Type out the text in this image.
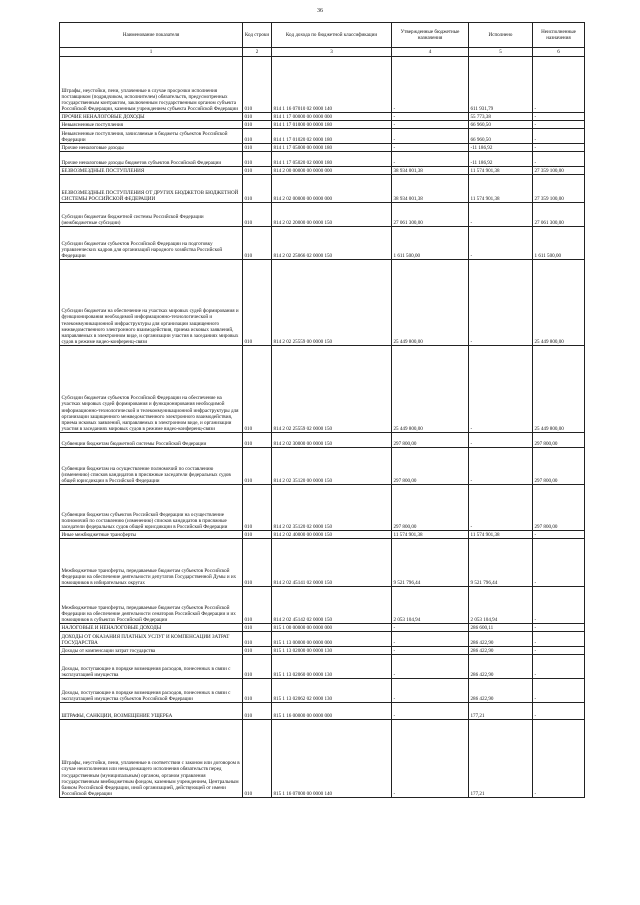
36
Наименование показателя	Код строки	Код дохода по бюджетной классификации	Утвержденные бюджетные назначения	Исполнено	Неисполненные назначения
1	2	3	4	5	6
Штрафы, неустойки, пени, уплаченные в случае просрочки исполнения поставщиком (подрядчиком, исполнителем) обязательств, предусмотренных государственным контрактом, заключенным государственным органом субъекта Российской Федерации, казенным учреждением субъекта Российской Федерации	010	814 1 16 07010 02 0000 140	-	611 931,79	-
ПРОЧИЕ НЕНАЛОГОВЫЕ ДОХОДЫ	010	814 1 17 00000 00 0000 000	-	55 773,38	-
Невыясненные поступления	010	814 1 17 01000 00 0000 180	-	66 960,50	-
Невыясненные поступления, зачисляемые в бюджеты субъектов Российской Федерации	010	814 1 17 01020 02 0000 180	-	66 960,50	-
Прочие неналоговые доходы	010	814 1 17 05000 00 0000 180	-	-11 186,92	-
Прочие неналоговые доходы бюджетов субъектов Российской Федерации	010	814 1 17 05020 02 0000 180	-	-11 186,92	-
БЕЗВОЗМЕЗДНЫЕ ПОСТУПЛЕНИЯ	010	814 2 00 00000 00 0000 000	38 934 001,38	11 574 901,38	27 359 100,00
БЕЗВОЗМЕЗДНЫЕ ПОСТУПЛЕНИЯ ОТ ДРУГИХ БЮДЖЕТОВ БЮДЖЕТНОЙ СИСТЕМЫ РОССИЙСКОЙ ФЕДЕРАЦИИ	010	814 2 02 00000 00 0000 000	38 934 001,38	11 574 901,38	27 359 100,00
Субсидии бюджетам бюджетной системы Российской Федерации (межбюджетные субсидии)	010	814 2 02 20000 00 0000 150	27 061 300,00	-	27 061 300,00
Субсидии бюджетам субъектов Российской Федерации на подготовку управленческих кадров для организаций народного хозяйства Российской Федерации	010	814 2 02 25066 02 0000 150	1 611 500,00	-	1 611 500,00
Субсидии бюджетам на обеспечение на участках мировых судей формирования и функционирования необходимой информационно-технологической и телекоммуникационной инфраструктуры для организации защищенного межведомственного электронного взаимодействия, приема исковых заявлений, направляемых в электронном виде, и организации участия в заседаниях мировых судов в режиме видео-конференц-связи	010	814 2 02 25559 00 0000 150	25 449 800,00	-	25 449 800,00
Субсидии бюджетам субъектов Российской Федерации на обеспечение на участках мировых судей формирования и функционирования необходимой информационно-технологической и телекоммуникационной инфраструктуры для организации защищенного межведомственного электронного взаимодействия, приема исковых заявлений, направляемых в электронном виде, и организации участия в заседаниях мировых судов в режиме видео-конференц-связи	010	814 2 02 25559 02 0000 150	25 449 800,00	-	25 449 800,00
Субвенции бюджетам бюджетной системы Российской Федерации	010	814 2 02 30000 00 0000 150	297 800,00	-	297 800,00
Субвенции бюджетам на осуществление полномочий по составлению (изменению) списков кандидатов в присяжные заседатели федеральных судов общей юрисдикции в Российской Федерации	010	814 2 02 35120 00 0000 150	297 800,00	-	297 800,00
Субвенции бюджетам субъектов Российской Федерации на осуществление полномочий по составлению (изменению) списков кандидатов в присяжные заседатели федеральных судов общей юрисдикции в Российской Федерации	010	814 2 02 35120 02 0000 150	297 800,00	-	297 800,00
Иные межбюджетные трансферты	010	814 2 02 40000 00 0000 150	11 574 901,38	11 574 901,38	-
Межбюджетные трансферты, передаваемые бюджетам субъектов Российской Федерации на обеспечение деятельности депутатов Государственной Думы и их помощников в избирательных округах	010	814 2 02 45141 02 0000 150	9 521 796,44	9 521 796,44	-
Межбюджетные трансферты, передаваемые бюджетам субъектов Российской Федерации на обеспечение деятельности сенаторов Российской Федерации и их помощников в субъектах Российской Федерации	010	814 2 02 45142 02 0000 150	2 053 104,94	2 053 104,94	-
НАЛОГОВЫЕ И НЕНАЛОГОВЫЕ ДОХОДЫ	010	815 1 00 00000 00 0000 000	-	286 600,11	-
ДОХОДЫ ОТ ОКАЗАНИЯ ПЛАТНЫХ УСЛУГ И КОМПЕНСАЦИИ ЗАТРАТ ГОСУДАРСТВА	010	815 1 13 00000 00 0000 000	-	286 422,90	-
Доходы от компенсации затрат государства	010	815 1 13 02000 00 0000 130	-	286 422,90	-
Доходы, поступающие в порядке возмещения расходов, понесенных в связи с эксплуатацией имущества	010	815 1 13 02060 00 0000 130	-	286 422,90	-
Доходы, поступающие в порядке возмещения расходов, понесенных в связи с эксплуатацией имущества субъектов Российской Федерации	010	815 1 13 02062 02 0000 130	-	286 422,90	-
ШТРАФЫ, САНКЦИИ, ВОЗМЕЩЕНИЕ УЩЕРБА	010	815 1 16 00000 00 0000 000	-	177,21	-
Штрафы, неустойки, пени, уплаченные в соответствии с законом или договором в случае неисполнения или ненадлежащего исполнения обязательств перед государственным (муниципальным) органом, органом управления государственным внебюджетным фондом, казенным учреждением, Центральным банком Российской Федерации, иной организацией, действующей от имени Российской Федерации	010	815 1 16 07000 00 0000 140	-	177,21	-
